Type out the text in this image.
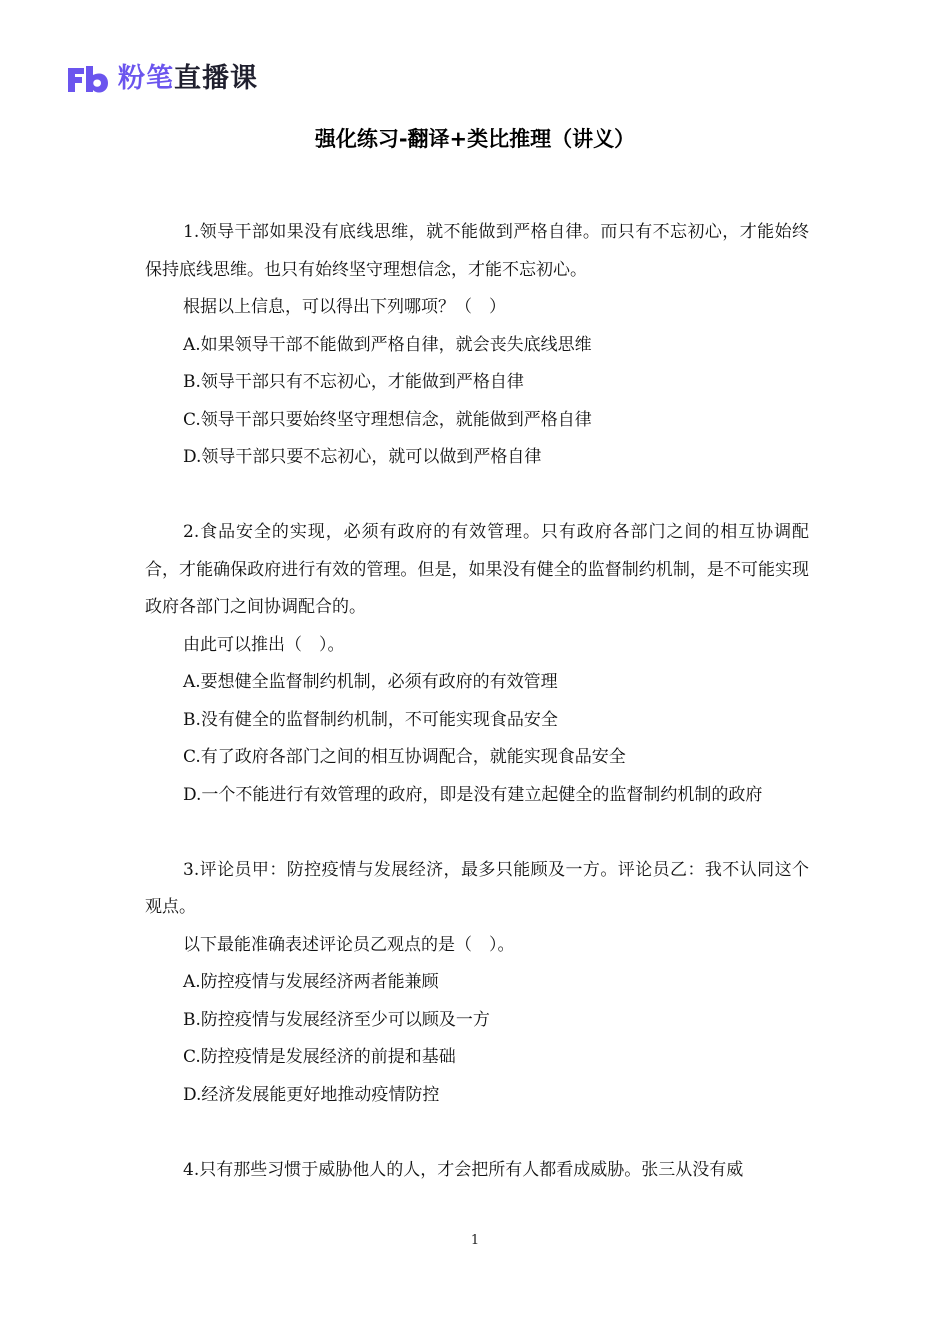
粉笔 直播课
强化练习-翻译+类比推理（讲义）

1.领导干部如果没有底线思维，就不能做到严格自律。而只有不忘初心，才能始终保持底线思维。也只有始终坚守理想信念，才能不忘初心。

根据以上信息，可以得出下列哪项？（　）

A.如果领导干部不能做到严格自律，就会丧失底线思维

B.领导干部只有不忘初心，才能做到严格自律

C.领导干部只要始终坚守理想信念，就能做到严格自律

D.领导干部只要不忘初心，就可以做到严格自律

2.食品安全的实现，必须有政府的有效管理。只有政府各部门之间的相互协调配合，才能确保政府进行有效的管理。但是，如果没有健全的监督制约机制，是不可能实现政府各部门之间协调配合的。

由此可以推出（　）。

A.要想健全监督制约机制，必须有政府的有效管理

B.没有健全的监督制约机制，不可能实现食品安全

C.有了政府各部门之间的相互协调配合，就能实现食品安全

D.一个不能进行有效管理的政府，即是没有建立起健全的监督制约机制的政府

3.评论员甲：防控疫情与发展经济，最多只能顾及一方。评论员乙：我不认同这个观点。

以下最能准确表述评论员乙观点的是（　）。

A.防控疫情与发展经济两者能兼顾

B.防控疫情与发展经济至少可以顾及一方

C.防控疫情是发展经济的前提和基础

D.经济发展能更好地推动疫情防控

4.只有那些习惯于威胁他人的人，才会把所有人都看成威胁。张三从没有威

1
